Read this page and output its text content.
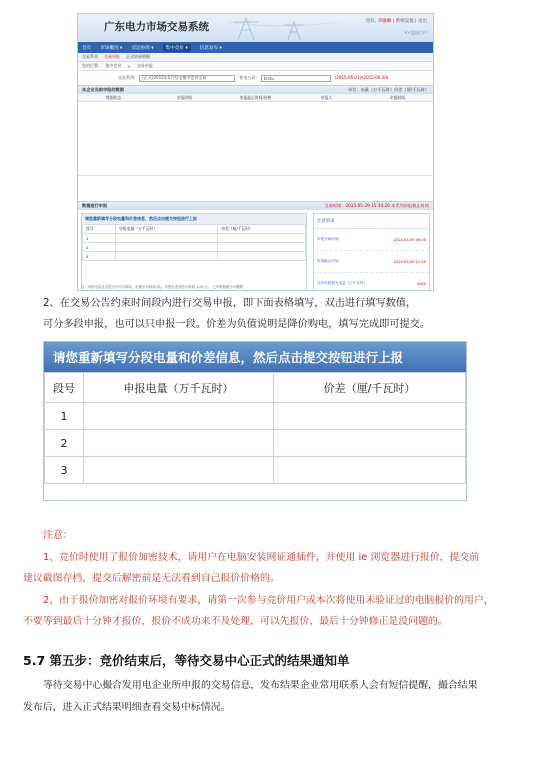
广东电力市场交易系统	您好, 李敏琳 | 系统设置 | 退出
<<返回门户
首页 市场概况 ▾ 双边协商 ▾	集中竞价 ▾	信息发布 ▾
交易系列 交易申报 正式结果明细
您的位置: 集中竞价 > 交易申报
交易系列:	[正式]2015年5月发电集中竞价交易	售电公司:	testu	(2015-06-01到2015-06-30)
本企业当前申报的数据	单位：电量（万千瓦时）价差（厘/千瓦时）
数据状态	申报时间	申报起止时间/价格	申报人	申报时间
数据进行申报	当前时间：2015-05-29 15:34:20 本系列申报截止时间
请您重新填写分段电量和价差信息，然后点击提交按钮进行上报
段号	申报电量（万千瓦时）	价差（厘/千瓦时）
1		
2		
3		
注意事项
申报开始时间：	2015-05-09 09:00
申报截止时间：	2015-05-09 11:00
允许申报最大电量（万千瓦时）：	5560
注：申报电量首次提交后可以修改，但最多可修改3次。申报价差须符合规则 1.00 元。 已申报数据不可删除
2、在交易公告约束时间段内进行交易申报，即下面表格填写，双击进行填写数值，
可分多段申报，也可以只申报一段。价差为负值说明是降价购电，填写完成即可提交。
请您重新填写分段电量和价差信息，然后点击提交按钮进行上报
段号	申报电量（万千瓦时）	价差（厘/千瓦时）
1		
2		
3		
注意：
1、竞价时使用了报价加密技术，请用户在电脑安装网证通插件，并使用 ie 浏览器进行报价，提交前
建议截图存档，提交后解密前是无法看到自己报价价格的。
2、由于报价加密对报价环境有要求，请第一次参与竞价用户或本次将使用未验证过的电脑报价的用户，
不要等到最后十分钟才报价，报价不成功来不及处理，可以先报价，最后十分钟修正是没问题的。
5.7 第五步：竞价结束后，等待交易中心正式的结果通知单
等待交易中心撮合发用电企业所申报的交易信息，发布结果企业常用联系人会有短信提醒，撮合结果
发布后，进入正式结果明细查看交易中标情况。
